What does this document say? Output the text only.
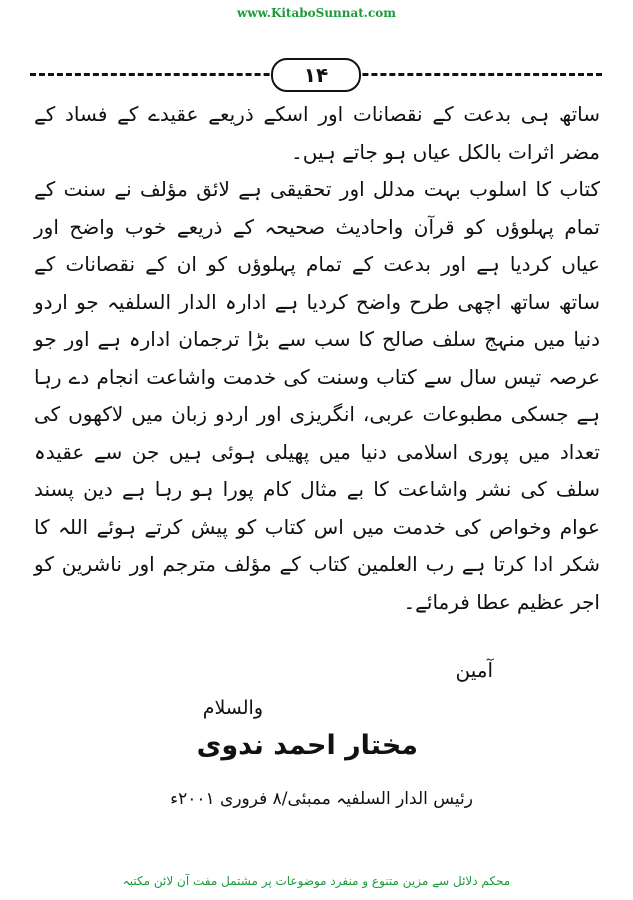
www.KitaboSunnat.com
۱۴

ساتھ ہی بدعت کے نقصانات اور اسکے ذریعے عقیدے کے فساد کے مضر اثرات بالکل عیاں ہو جاتے ہیں۔

کتاب کا اسلوب بہت مدلل اور تحقیقی ہے لائق مؤلف نے سنت کے تمام پہلوؤں کو قرآن واحادیث صحیحہ کے ذریعے خوب واضح اور عیاں کردیا ہے اور بدعت کے تمام پہلوؤں کو ان کے نقصانات کے ساتھ ساتھ اچھی طرح واضح کردیا ہے ادارہ الدار السلفیہ جو اردو دنیا میں منہج سلف صالح کا سب سے بڑا ترجمان ادارہ ہے اور جو عرصہ تیس سال سے کتاب وسنت کی خدمت واشاعت انجام دے رہا ہے جسکی مطبوعات عربی، انگریزی اور اردو زبان میں لاکھوں کی تعداد میں پوری اسلامی دنیا میں پھیلی ہوئی ہیں جن سے عقیدہ سلف کی نشر واشاعت کا بے مثال کام پورا ہو رہا ہے دین پسند عوام وخواص کی خدمت میں اس کتاب کو پیش کرتے ہوئے اللہ کا شکر ادا کرتا ہے رب العلمین کتاب کے مؤلف مترجم اور ناشرین کو اجر عظیم عطا فرمائے۔

آمین
والسلام
مختار احمد ندوی
رئیس الدار السلفیہ ممبئی/۸ فروری ۲۰۰۱ء
محکم دلائل سے مزین متنوع و منفرد موضوعات پر مشتمل مفت آن لائن مکتبہ
